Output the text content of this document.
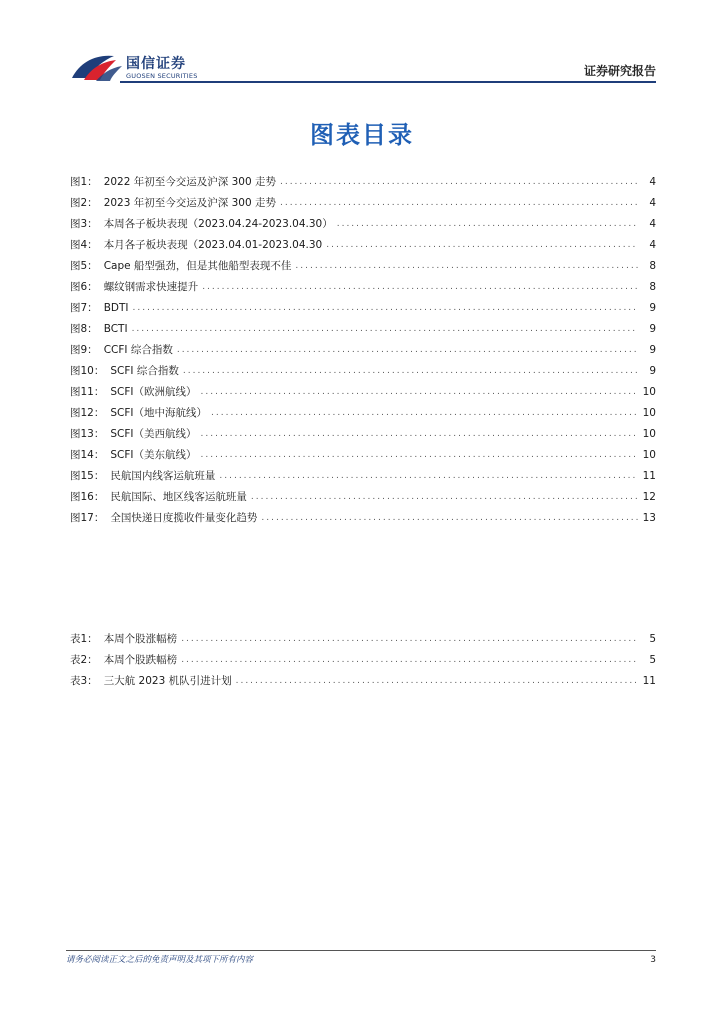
国信证券
GUOSEN SECURITIES	证券研究报告
图表目录
图1： 2022 年初至今交运及沪深 300 走势 .....	4
图2： 2023 年初至今交运及沪深 300 走势 .....	4
图3： 本周各子板块表现（2023.04.24-2023.04.30） .....	4
图4： 本月各子板块表现（2023.04.01-2023.04.30 .....	4
图5： Cape 船型强劲，但是其他船型表现不佳 .....	8
图6： 螺纹钢需求快速提升 .....	8
图7： BDTI .....	9
图8： BCTI .....	9
图9： CCFI 综合指数 .....	9
图10： SCFI 综合指数 .....	9
图11： SCFI（欧洲航线） .....	10
图12： SCFI（地中海航线） .....	10
图13： SCFI（美西航线） .....	10
图14： SCFI（美东航线） .....	10
图15： 民航国内线客运航班量 .....	11
图16： 民航国际、地区线客运航班量 .....	12
图17： 全国快递日度揽收件量变化趋势 .....	13
表1： 本周个股涨幅榜 .....	5
表2： 本周个股跌幅榜 .....	5
表3： 三大航 2023 机队引进计划 .....	11
请务必阅读正文之后的免责声明及其项下所有内容	3
